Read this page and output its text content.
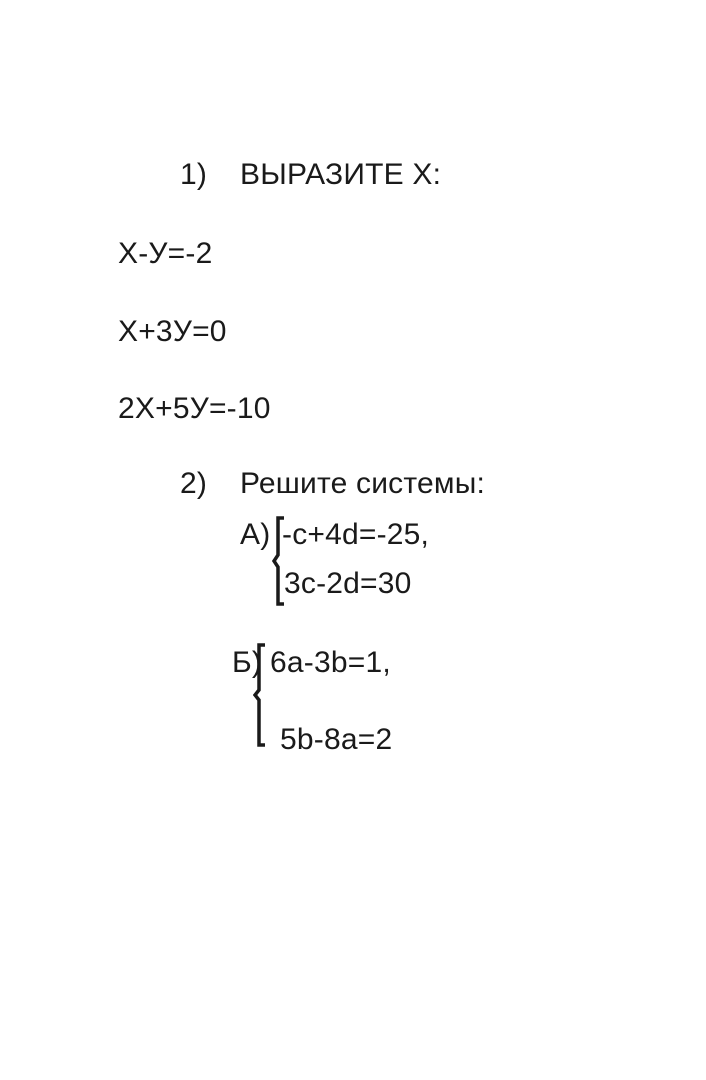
1) ВЫРАЗИТЕ Х:
Х-У=-2
Х+3У=0
2Х+5У=-10
2) Решите системы:
А) -c+4d=-25,
3c-2d=30
Б) 6a-3b=1,
5b-8a=2
